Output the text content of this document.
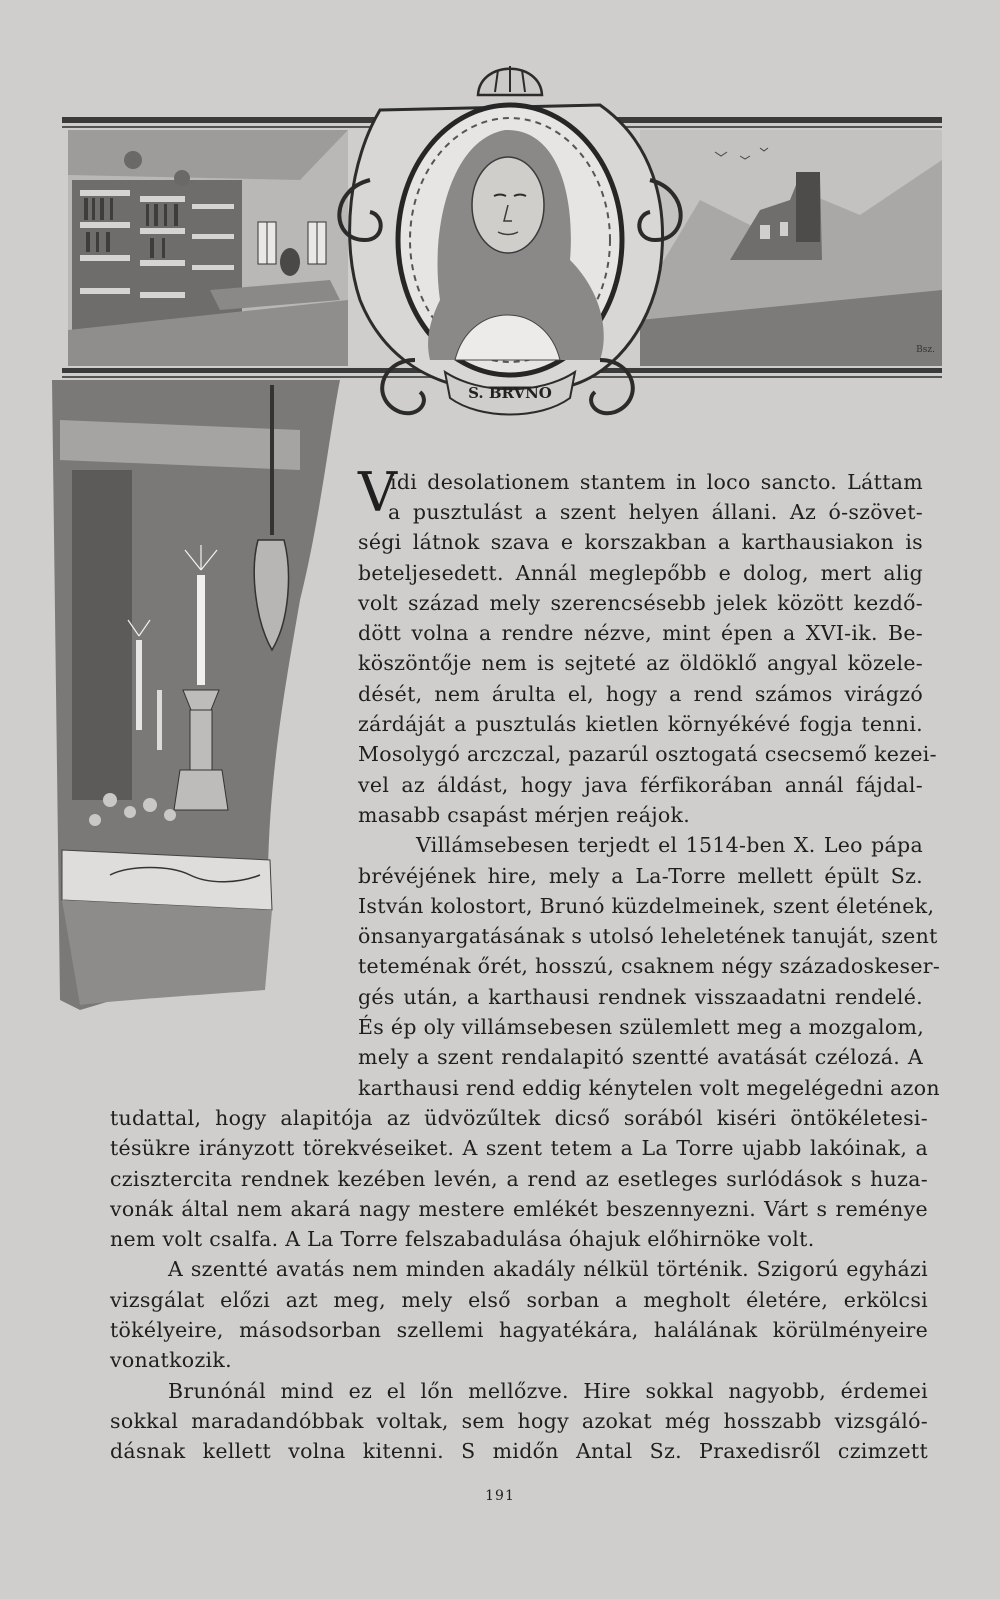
Bsz.
S. BRVNO
V
idi desolationem stantem in loco sancto. Láttam
a pusztulást a szent helyen állani. Az ó-szövet-
ségi látnok szava e korszakban a karthausiakon is
beteljesedett. Annál meglepőbb e dolog, mert alig
volt század mely szerencsésebb jelek között kezdő-
dött volna a rendre nézve, mint épen a XVI-ik. Be-
köszöntője nem is sejteté az öldöklő angyal közele-
dését, nem árulta el, hogy a rend számos virágzó
zárdáját a pusztulás kietlen környékévé fogja tenni.
Mosolygó arczczal, pazarúl osztogatá csecsemő kezei-
vel az áldást, hogy java férfikorában annál fájdal-
masabb csapást mérjen reájok.
Villámsebesen terjedt el 1514-ben X. Leo pápa
brévéjének hire, mely a La-Torre mellett épült Sz.
István kolostort, Brunó küzdelmeinek, szent életének,
önsanyargatásának s utolsó leheletének tanuját, szent
teteménak őrét, hosszú, csaknem négy századoskeser-
gés után, a karthausi rendnek visszaadatni rendelé.
És ép oly villámsebesen szülemlett meg a mozgalom,
mely a szent rendalapitó szentté avatását czélozá. A
karthausi rend eddig kénytelen volt megelégedni azon
tudattal, hogy alapitója az üdvözűltek dicső sorából kiséri öntökéletesi-
tésükre irányzott törekvéseiket. A szent tetem a La Torre ujabb lakóinak, a
czisztercita rendnek kezében levén, a rend az esetleges surlódások s huza-
vonák által nem akará nagy mestere emlékét beszennyezni. Várt s reménye
nem volt csalfa. A La Torre felszabadulása óhajuk előhirnöke volt.
A szentté avatás nem minden akadály nélkül történik. Szigorú egyházi
vizsgálat előzi azt meg, mely első sorban a megholt életére, erkölcsi
tökélyeire, másodsorban szellemi hagyatékára, halálának körülményeire
vonatkozik.
Brunónál mind ez el lőn mellőzve. Hire sokkal nagyobb, érdemei
sokkal maradandóbbak voltak, sem hogy azokat még hosszabb vizsgáló-
dásnak kellett volna kitenni. S midőn Antal Sz. Praxedisről czimzett
191
